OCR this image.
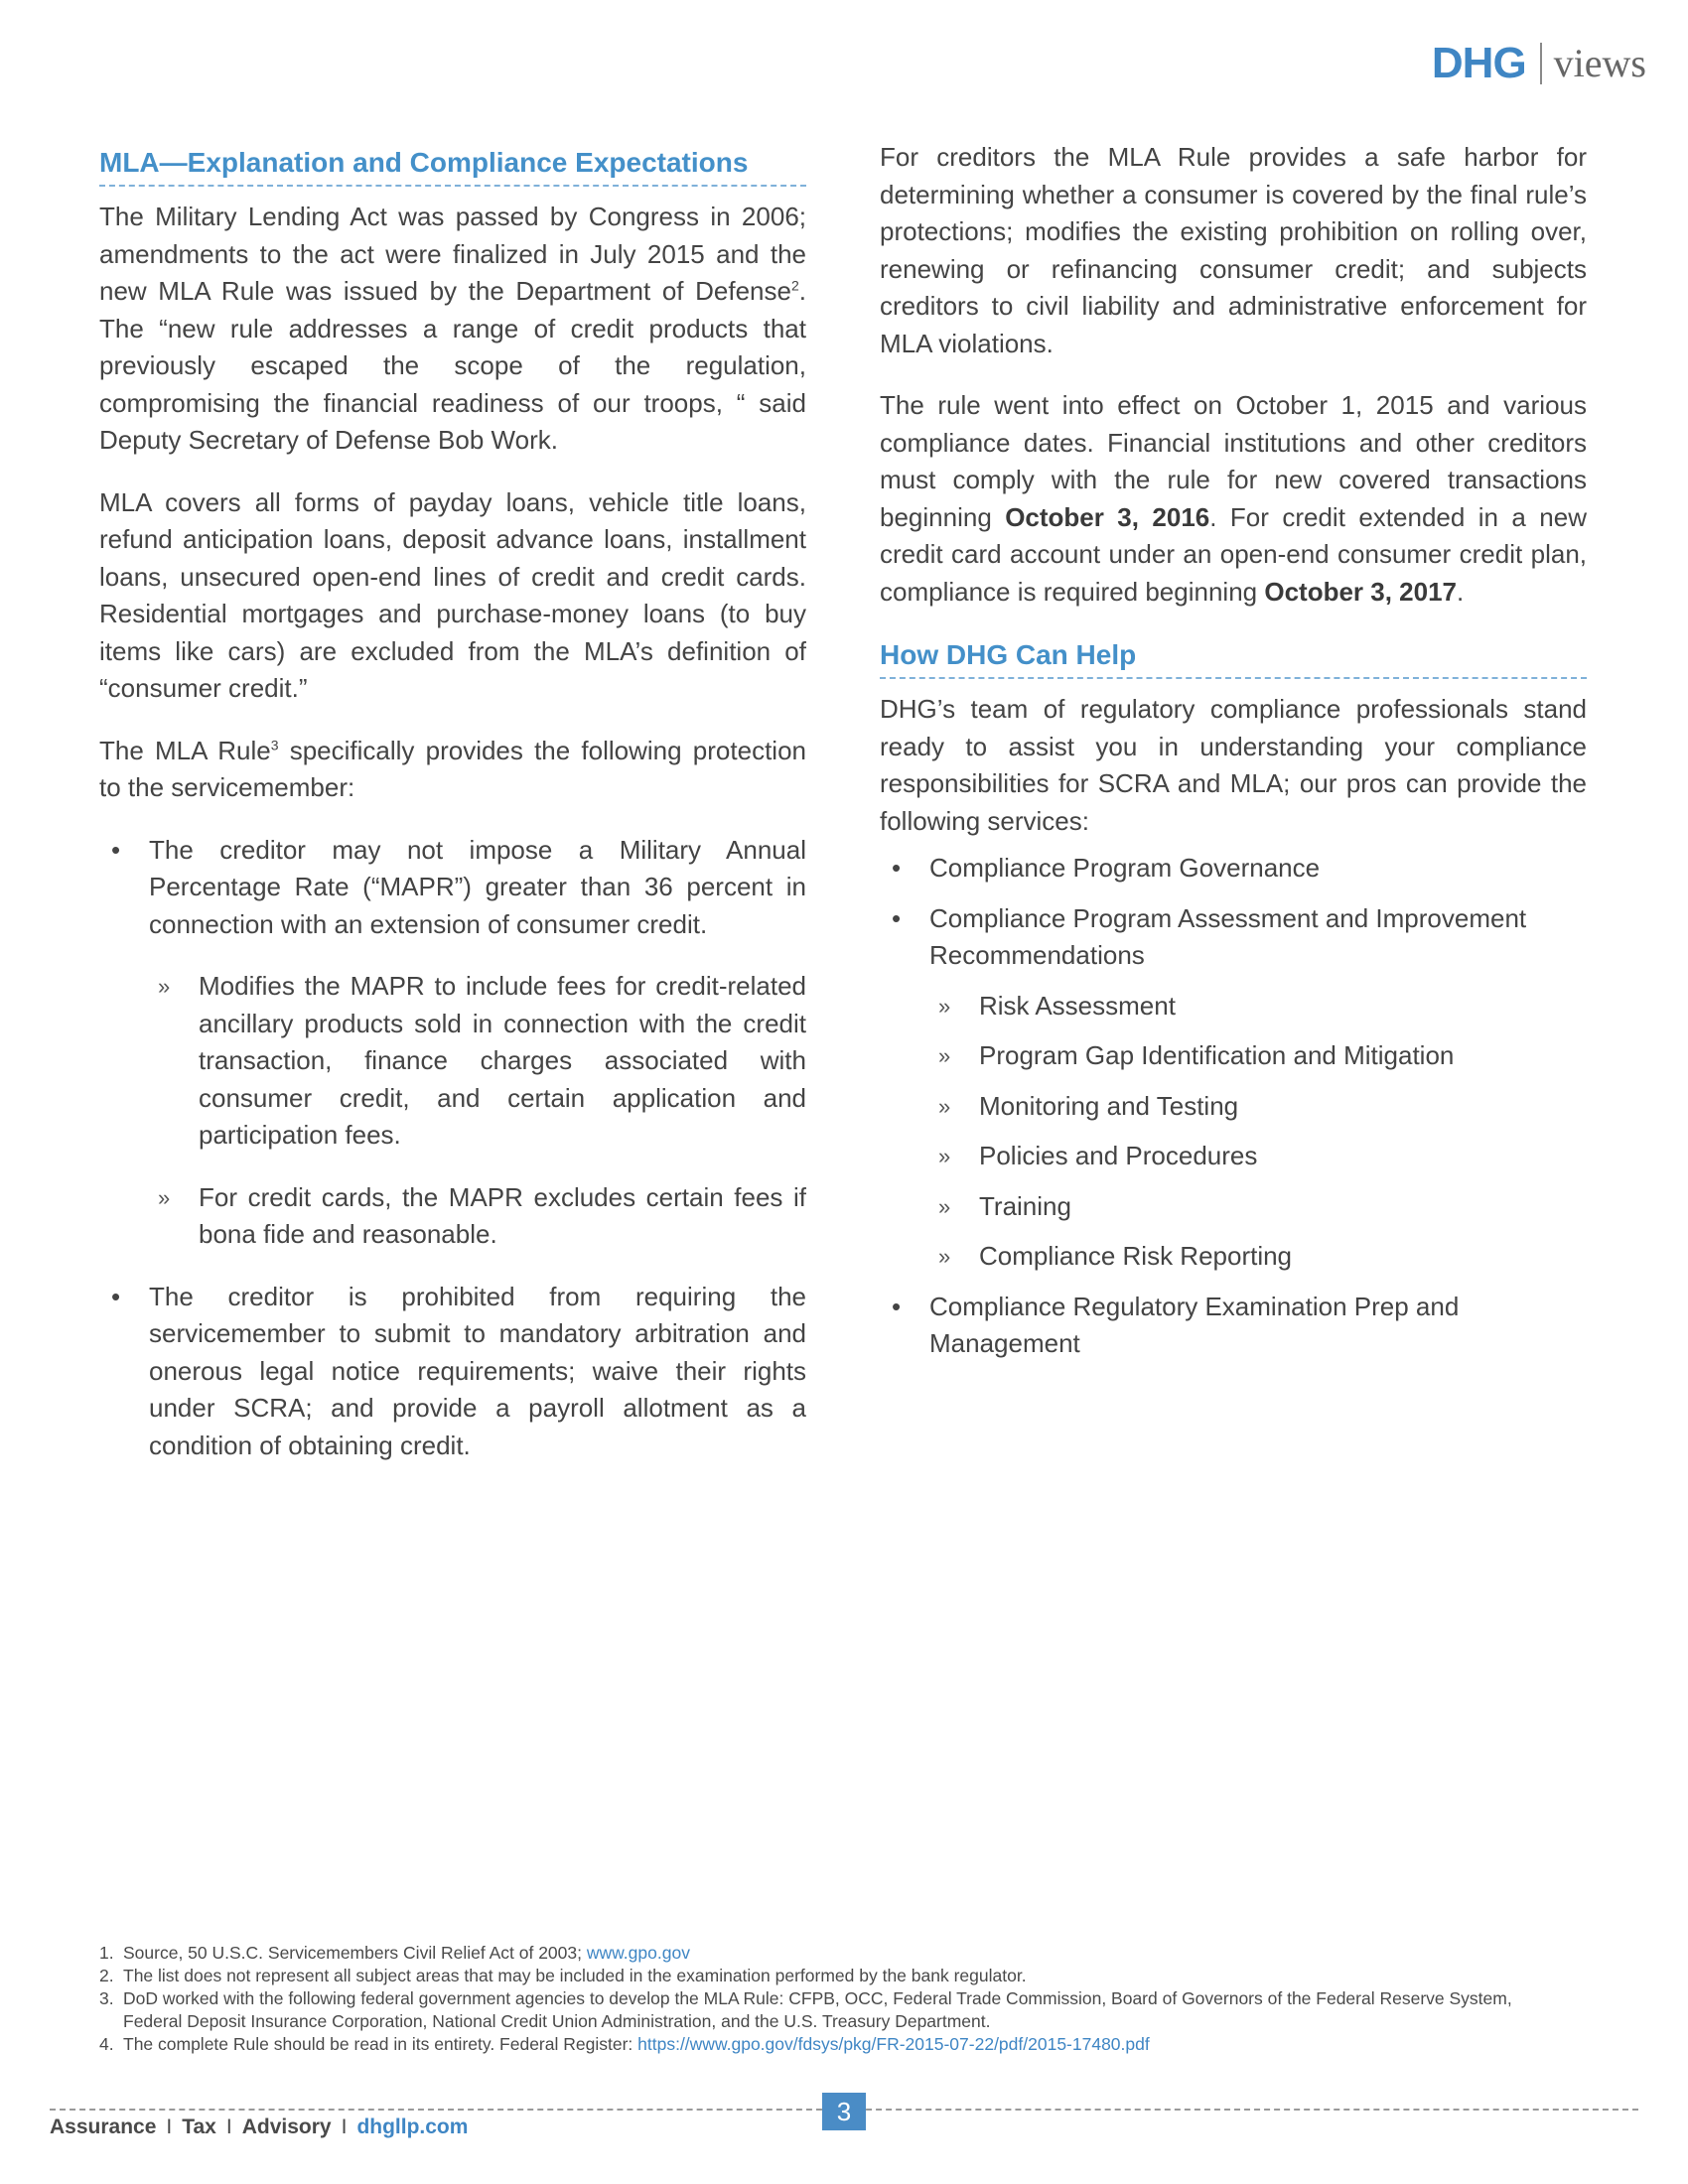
DHG views
MLA—Explanation and Compliance Expectations

The Military Lending Act was passed by Congress in 2006; amendments to the act were finalized in July 2015 and the new MLA Rule was issued by the Department of Defense$^2$. The “new rule addresses a range of credit products that previously escaped the scope of the regulation, compromising the financial readiness of our troops, “ said Deputy Secretary of Defense Bob Work.

MLA covers all forms of payday loans, vehicle title loans, refund anticipation loans, deposit advance loans, installment loans, unsecured open-end lines of credit and credit cards. Residential mortgages and purchase-money loans (to buy items like cars) are excluded from the MLA’s definition of “consumer credit.”

The MLA Rule$^3$ specifically provides the following protection to the servicemember:

• The creditor may not impose a Military Annual Percentage Rate (“MAPR”) greater than 36 percent in connection with an extension of consumer credit.
» Modifies the MAPR to include fees for credit-related ancillary products sold in connection with the credit transaction, finance charges associated with consumer credit, and certain application and participation fees.
» For credit cards, the MAPR excludes certain fees if bona fide and reasonable.
• The creditor is prohibited from requiring the servicemember to submit to mandatory arbitration and onerous legal notice requirements; waive their rights under SCRA; and provide a payroll allotment as a condition of obtaining credit.

For creditors the MLA Rule provides a safe harbor for determining whether a consumer is covered by the final rule’s protections; modifies the existing prohibition on rolling over, renewing or refinancing consumer credit; and subjects creditors to civil liability and administrative enforcement for MLA violations.

The rule went into effect on October 1, 2015 and various compliance dates. Financial institutions and other creditors must comply with the rule for new covered transactions beginning October 3, 2016. For credit extended in a new credit card account under an open-end consumer credit plan, compliance is required beginning October 3, 2017.

How DHG Can Help

DHG’s team of regulatory compliance professionals stand ready to assist you in understanding your compliance responsibilities for SCRA and MLA; our pros can provide the following services:

• Compliance Program Governance
• Compliance Program Assessment and Improvement Recommendations
» Risk Assessment
» Program Gap Identification and Mitigation
» Monitoring and Testing
» Policies and Procedures
» Training
» Compliance Risk Reporting
• Compliance Regulatory Examination Prep and Management
1. Source, 50 U.S.C. Servicemembers Civil Relief Act of 2003; www.gpo.gov
2. The list does not represent all subject areas that may be included in the examination performed by the bank regulator.
3. DoD worked with the following federal government agencies to develop the MLA Rule: CFPB, OCC, Federal Trade Commission, Board of Governors of the Federal Reserve System, Federal Deposit Insurance Corporation, National Credit Union Administration, and the U.S. Treasury Department.
4. The complete Rule should be read in its entirety. Federal Register: https://www.gpo.gov/fdsys/pkg/FR-2015-07-22/pdf/2015-17480.pdf
3
Assurance I Tax I Advisory I dhgllp.com
